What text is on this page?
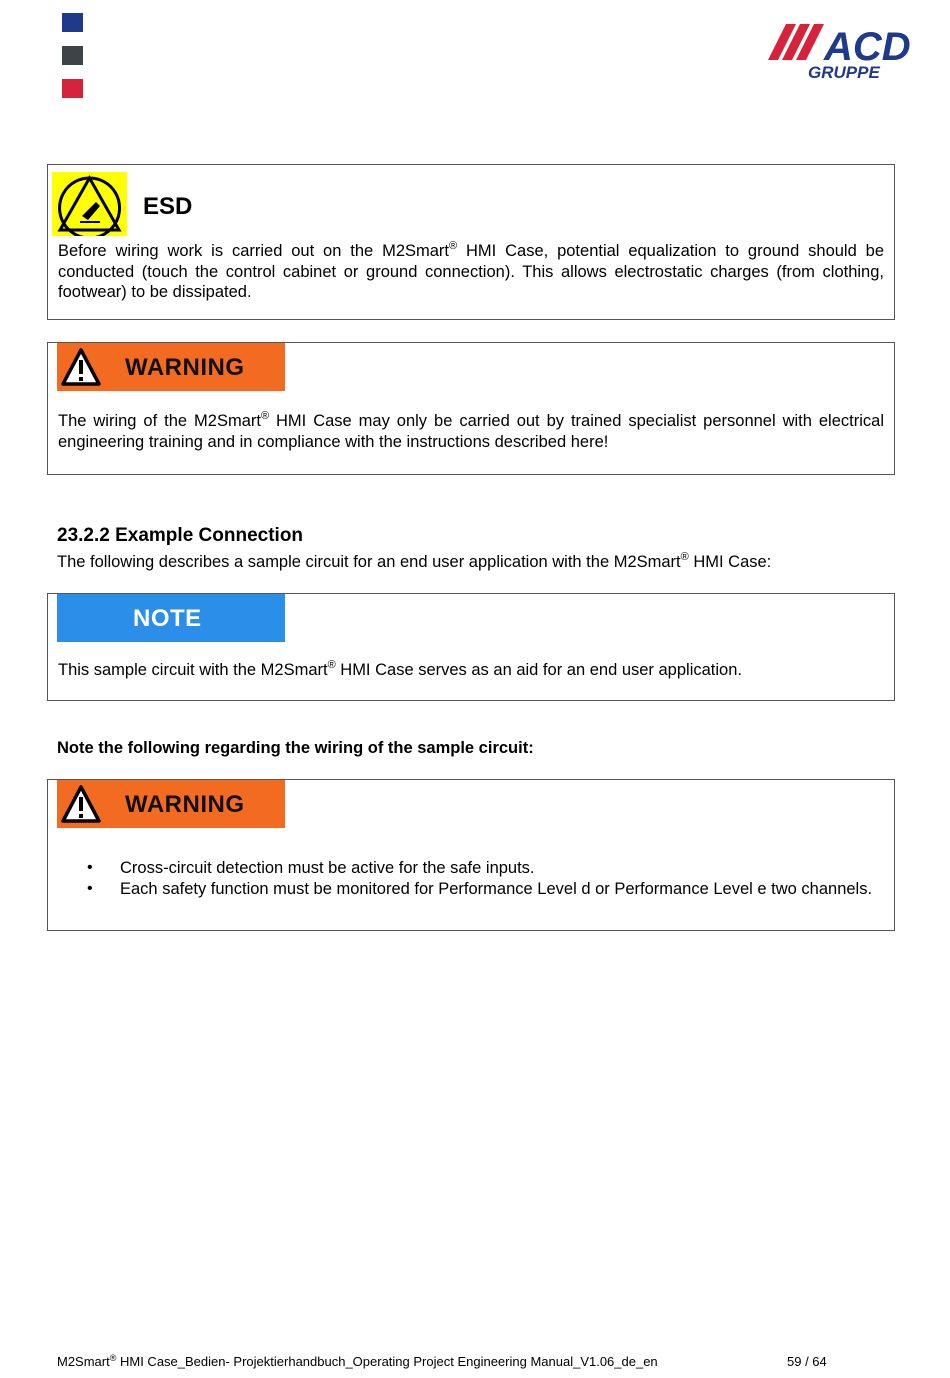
ACD
GRUPPE
ESD
Before wiring work is carried out on the M2Smart® HMI Case, potential equalization to ground should be conducted (touch the control cabinet or ground connection). This allows electrostatic charges (from clothing, footwear) to be dissipated.
WARNING
The wiring of the M2Smart® HMI Case may only be carried out by trained specialist personnel with electrical engineering training and in compliance with the instructions described here!
23.2.2 Example Connection
The following describes a sample circuit for an end user application with the M2Smart® HMI Case:
NOTE
This sample circuit with the M2Smart® HMI Case serves as an aid for an end user application.
Note the following regarding the wiring of the sample circuit:
WARNING
• Cross-circuit detection must be active for the safe inputs.
• Each safety function must be monitored for Performance Level d or Performance Level e two channels.
M2Smart® HMI Case_Bedien- Projektierhandbuch_Operating Project Engineering Manual_V1.06_de_en	59 / 64
